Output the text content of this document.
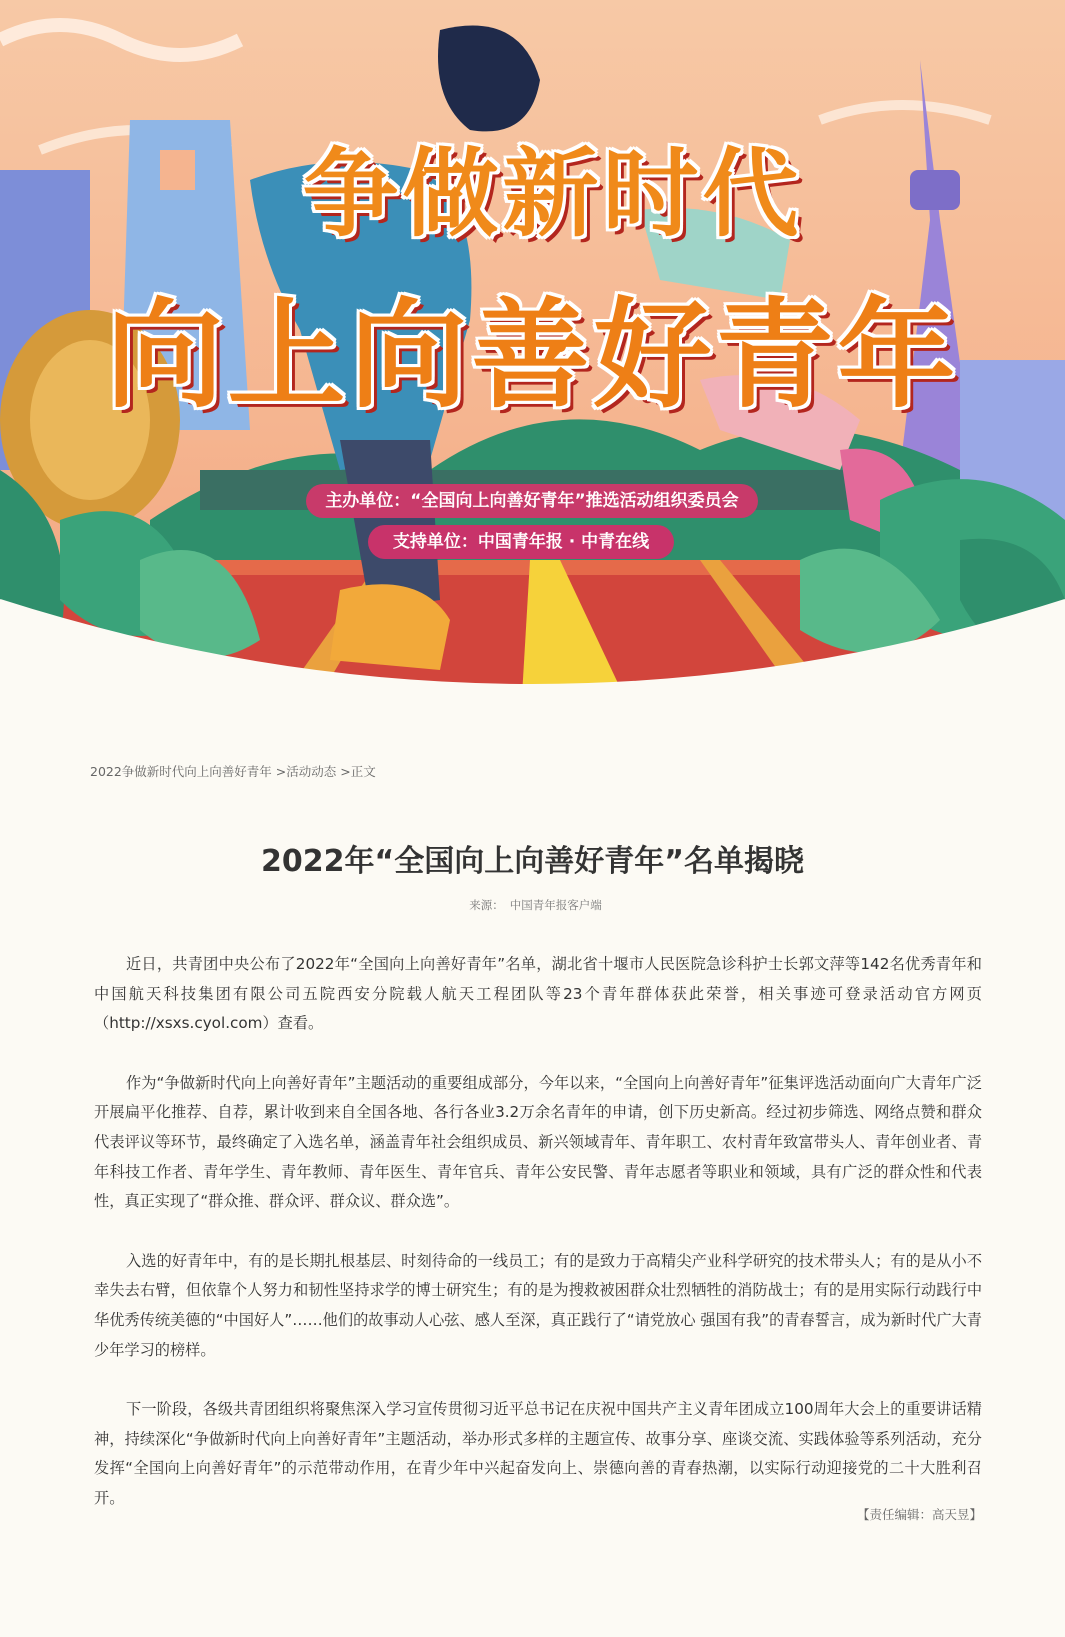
争做新时代
向上向善好青年
主办单位：“全国向上向善好青年”推选活动组织委员会
支持单位：中国青年报 · 中青在线
2022争做新时代向上向善好青年 >活动动态 >正文
2022年“全国向上向善好青年”名单揭晓
来源： 中国青年报客户端

近日，共青团中央公布了2022年“全国向上向善好青年”名单，湖北省十堰市人民医院急诊科护士长郭文萍等142名优秀青年和中国航天科技集团有限公司五院西安分院载人航天工程团队等23个青年群体获此荣誉，相关事迹可登录活动官方网页（http://xsxs.cyol.com）查看。

作为“争做新时代向上向善好青年”主题活动的重要组成部分，今年以来，“全国向上向善好青年”征集评选活动面向广大青年广泛开展扁平化推荐、自荐，累计收到来自全国各地、各行各业3.2万余名青年的申请，创下历史新高。经过初步筛选、网络点赞和群众代表评议等环节，最终确定了入选名单，涵盖青年社会组织成员、新兴领域青年、青年职工、农村青年致富带头人、青年创业者、青年科技工作者、青年学生、青年教师、青年医生、青年官兵、青年公安民警、青年志愿者等职业和领域，具有广泛的群众性和代表性，真正实现了“群众推、群众评、群众议、群众选”。

入选的好青年中，有的是长期扎根基层、时刻待命的一线员工；有的是致力于高精尖产业科学研究的技术带头人；有的是从小不幸失去右臂，但依靠个人努力和韧性坚持求学的博士研究生；有的是为搜救被困群众壮烈牺牲的消防战士；有的是用实际行动践行中华优秀传统美德的“中国好人”……他们的故事动人心弦、感人至深，真正践行了“请党放心 强国有我”的青春誓言，成为新时代广大青少年学习的榜样。

下一阶段，各级共青团组织将聚焦深入学习宣传贯彻习近平总书记在庆祝中国共产主义青年团成立100周年大会上的重要讲话精神，持续深化“争做新时代向上向善好青年”主题活动，举办形式多样的主题宣传、故事分享、座谈交流、实践体验等系列活动，充分发挥“全国向上向善好青年”的示范带动作用，在青少年中兴起奋发向上、崇德向善的青春热潮，以实际行动迎接党的二十大胜利召开。

【责任编辑：高天昱】
